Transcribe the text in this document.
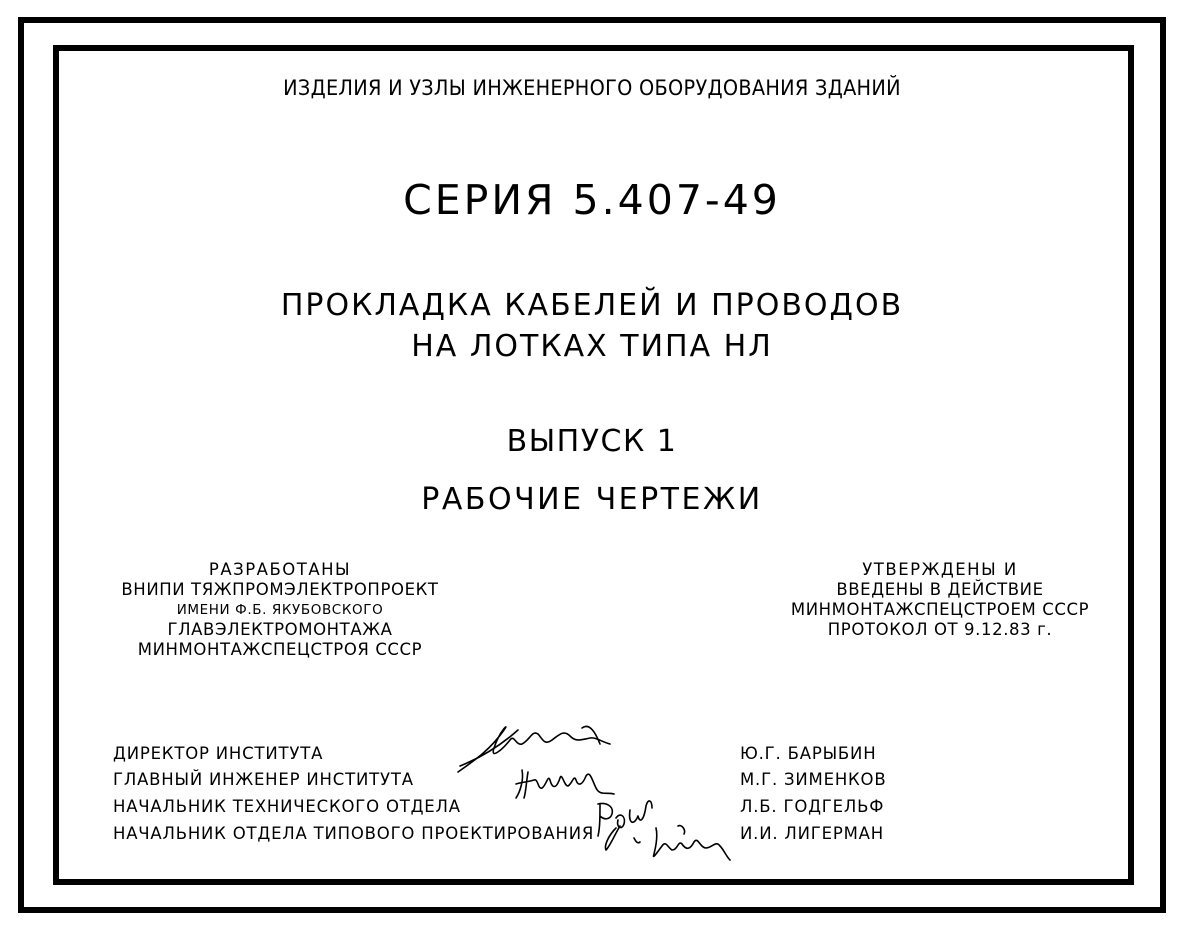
ИЗДЕЛИЯ И УЗЛЫ ИНЖЕНЕРНОГО ОБОРУДОВАНИЯ ЗДАНИЙ
СЕРИЯ 5.407-49
ПРОКЛАДКА КАБЕЛЕЙ И ПРОВОДОВ
НА ЛОТКАХ ТИПА НЛ
ВЫПУСК 1
РАБОЧИЕ ЧЕРТЕЖИ
РАЗРАБОТАНЫ
ВНИПИ ТЯЖПРОМЭЛЕКТРОПРОЕКТ
ИМЕНИ Ф.Б. ЯКУБОВСКОГО
ГЛАВЭЛЕКТРОМОНТАЖА
МИНМОНТАЖСПЕЦСТРОЯ СССР
УТВЕРЖДЕНЫ И
ВВЕДЕНЫ В ДЕЙСТВИЕ
МИНМОНТАЖСПЕЦСТРОЕМ СССР
ПРОТОКОЛ ОТ 9.12.83 г.
ДИРЕКТОР ИНСТИТУТА
ГЛАВНЫЙ ИНЖЕНЕР ИНСТИТУТА
НАЧАЛЬНИК ТЕХНИЧЕСКОГО ОТДЕЛА
НАЧАЛЬНИК ОТДЕЛА ТИПОВОГО ПРОЕКТИРОВАНИЯ
Ю.Г. БАРЫБИН
М.Г. ЗИМЕНКОВ
Л.Б. ГОДГЕЛЬФ
И.И. ЛИГЕРМАН
